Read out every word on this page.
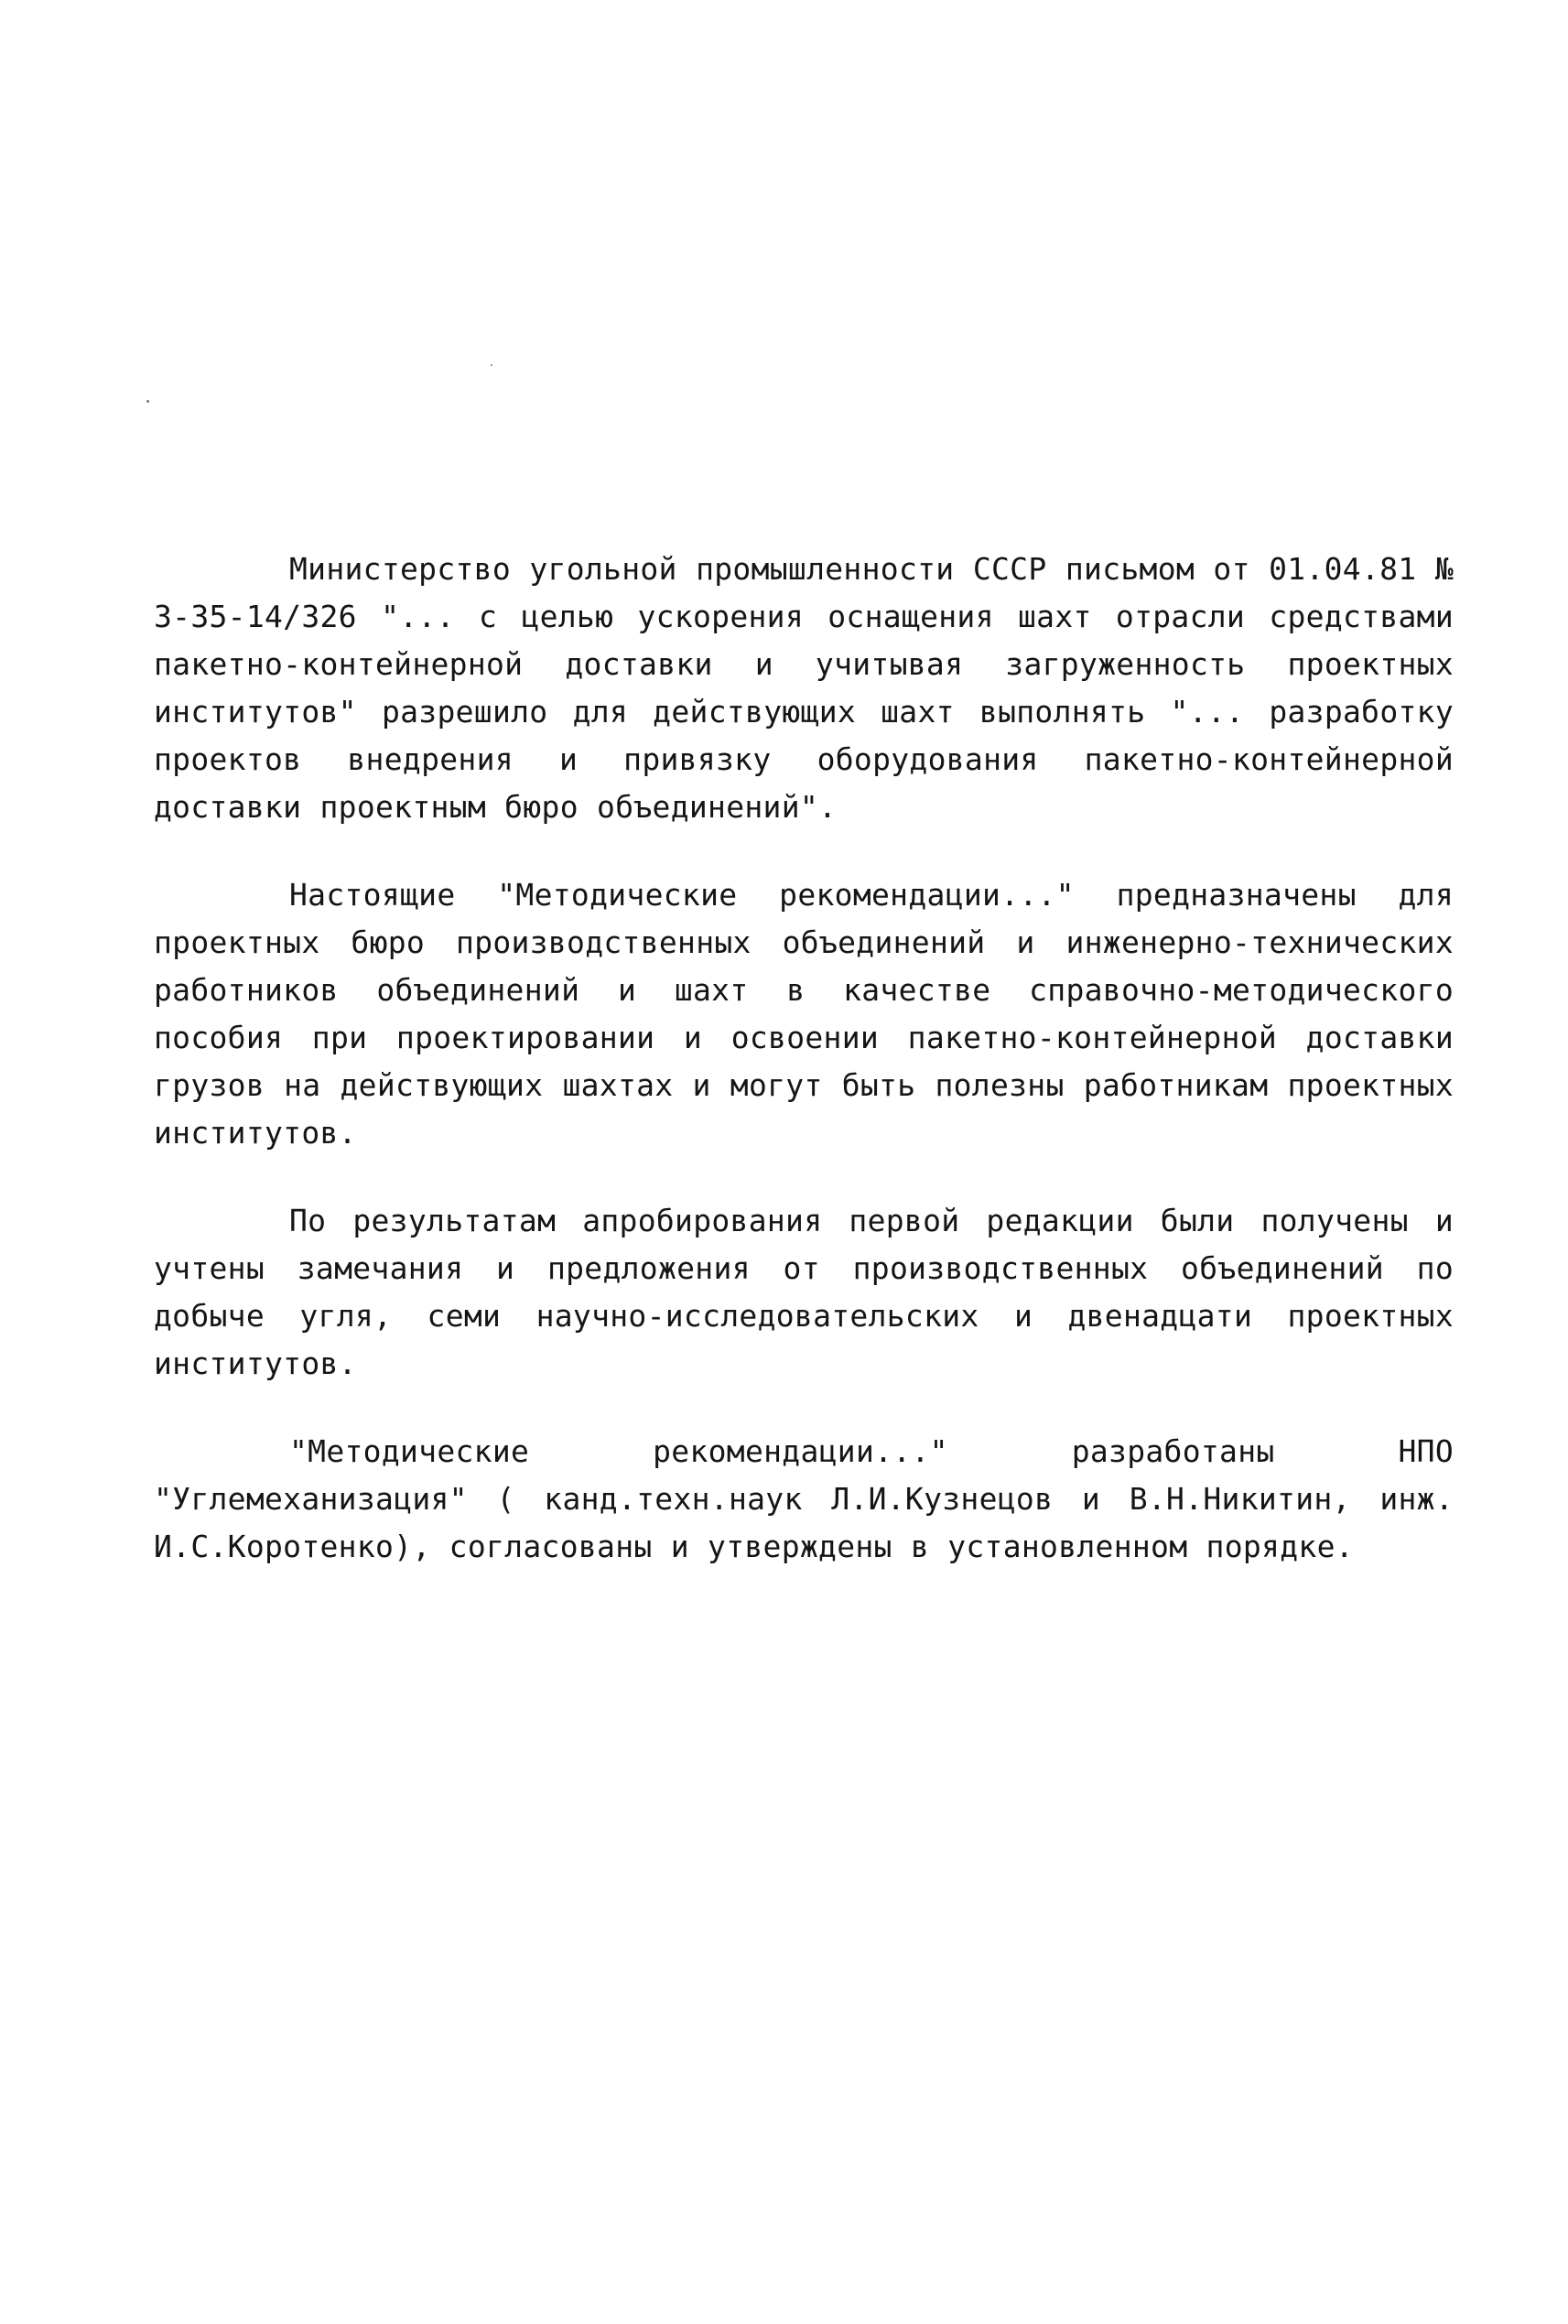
Министерство угольной промышленности СССР письмом от 01.04.81 № 3-35-14/326 "... с целью ускорения оснащения шахт отрасли средствами пакетно-контейнерной доставки и учитывая загруженность проектных институтов" разрешило для действующих шахт выполнять "... разработку проектов внедрения и привязку оборудования пакетно-контейнерной доставки проектным бюро объединений".

Настоящие "Методические рекомендации..." предназначены для проектных бюро производственных объединений и инженерно-технических работников объединений и шахт в качестве справочно-методического пособия при проектировании и освоении пакетно-контейнерной доставки грузов на действующих шахтах и могут быть полезны работникам проектных институтов.

По результатам апробирования первой редакции были получены и учтены замечания и предложения от производственных объединений по добыче угля, семи научно-исследовательских и двенадцати проектных институтов.

"Методические рекомендации..." разработаны НПО "Углемеханизация" ( канд.техн.наук Л.И.Кузнецов и В.Н.Никитин, инж. И.С.Коротенко), согласованы и утверждены в установленном порядке.
